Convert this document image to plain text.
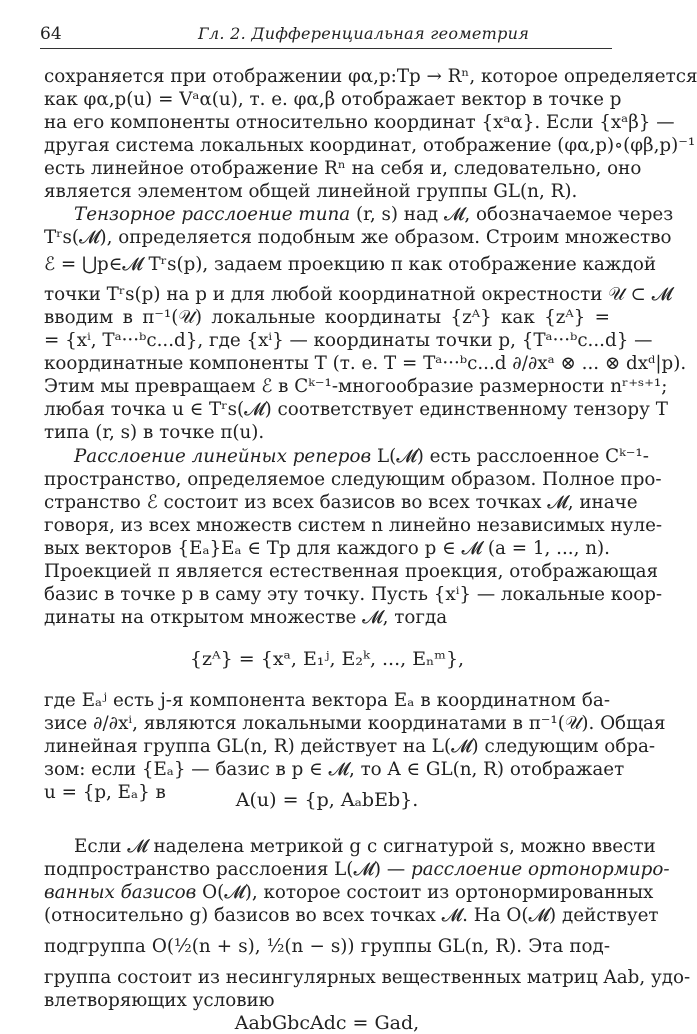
64	Гл. 2. Дифференциальная геометрия
сохраняется при отображении φα,p:Tp → Rⁿ, которое определяется
как φα,p(u) = Vᵃα(u), т. е. φα,β отображает вектор в точке p
на его компоненты относительно координат {xᵃα}. Если {xᵃβ} —
другая система локальных координат, отображение (φα,p)∘(φβ,p)⁻¹
есть линейное отображение Rⁿ на себя и, следовательно, оно
является элементом общей линейной группы GL(n, R).
Тензорное расслоение типа (r, s) над 𝓜, обозначаемое через
Tʳs(𝓜), определяется подобным же образом. Строим множество
ℰ = ⋃p∈𝓜 Tʳs(p), задаем проекцию π как отображение каждой
точки Tʳs(p) на p и для любой координатной окрестности 𝒰 ⊂ 𝓜
вводим в π⁻¹(𝒰) локальные координаты {zᴬ} как {zᴬ} =
= {xⁱ, Tᵃ···ᵇc...d}, где {xⁱ} — координаты точки p, {Tᵃ···ᵇc...d} —
координатные компоненты T (т. е. T = Tᵃ···ᵇc...d ∂/∂xᵃ ⊗ ... ⊗ dxᵈ|p).
Этим мы превращаем ℰ в Cᵏ⁻¹-многообразие размерности nʳ⁺ˢ⁺¹;
любая точка u ∈ Tʳs(𝓜) соответствует единственному тензору T
типа (r, s) в точке π(u).
Расслоение линейных реперов L(𝓜) есть расслоенное Cᵏ⁻¹-
пространство, определяемое следующим образом. Полное про-
странство ℰ состоит из всех базисов во всех точках 𝓜, иначе
говоря, из всех множеств систем n линейно независимых нуле-
вых векторов {Eₐ}Eₐ ∈ Tp для каждого p ∈ 𝓜 (a = 1, ..., n).
Проекцией π является естественная проекция, отображающая
базис в точке p в саму эту точку. Пусть {xⁱ} — локальные коор-
динаты на открытом множестве 𝓜, тогда
{zᴬ} = {xᵃ, E₁ʲ, E₂ᵏ, ..., Eₙᵐ},
где Eₐʲ есть j-я компонента вектора Eₐ в координатном ба-
зисе ∂/∂xⁱ, являются локальными координатами в π⁻¹(𝒰). Общая
линейная группа GL(n, R) действует на L(𝓜) следующим обра-
зом: если {Eₐ} — базис в p ∈ 𝓜, то A ∈ GL(n, R) отображает
u = {p, Eₐ} в	A(u) = {p, AₐbEb}.
Если 𝓜 наделена метрикой g с сигнатурой s, можно ввести
подпространство расслоения L(𝓜) — расслоение ортонормиро-
ванных базисов O(𝓜), которое состоит из ортонормированных
(относительно g) базисов во всех точках 𝓜. На O(𝓜) действует
подгруппа O(½(n + s), ½(n − s)) группы GL(n, R). Эта под-
группа состоит из несингулярных вещественных матриц Aab, удо-
влетворяющих условию
AabGbcAdc = Gad,
